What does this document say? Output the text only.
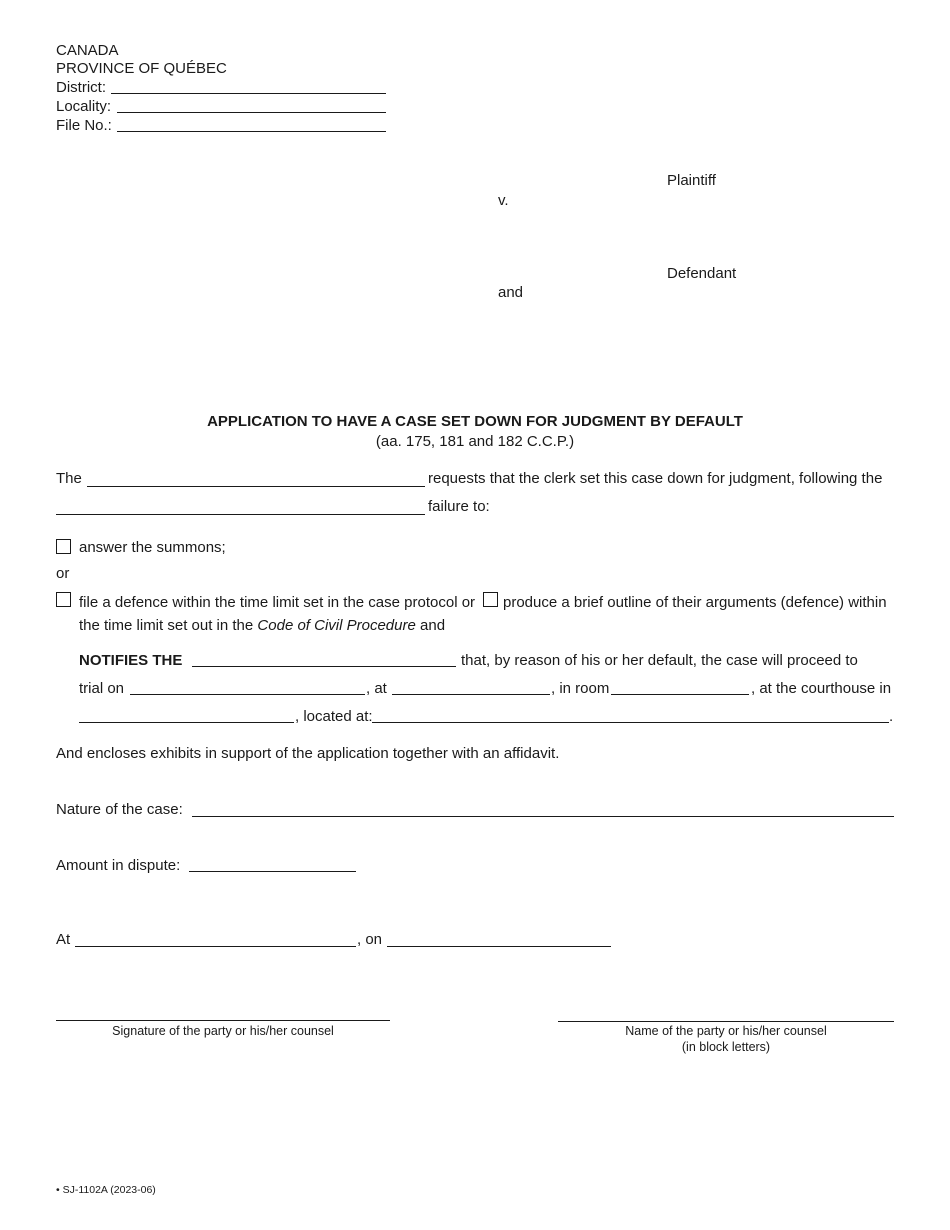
CANADA
PROVINCE OF QUÉBEC
District:
Locality:
File No.:
Plaintiff
v.
Defendant
and
APPLICATION TO HAVE A CASE SET DOWN FOR JUDGMENT BY DEFAULT
(aa. 175, 181 and 182 C.C.P.)
The	requests that the clerk set this case down for judgment, following the
failure to:
answer the summons;
or
file a defence within the time limit set in the case protocol or produce a brief outline of their arguments (defence) within
the time limit set out in the Code of Civil Procedure and
NOTIFIES THE	that, by reason of his or her default, the case will proceed to
trial on	, at	, in room	, at the courthouse in
, located at:	.
And encloses exhibits in support of the application together with an affidavit.
Nature of the case:
Amount in dispute:
At	, on
Signature of the party or his/her counsel	Name of the party or his/her counsel
(in block letters)
• SJ-1102A (2023-06)
